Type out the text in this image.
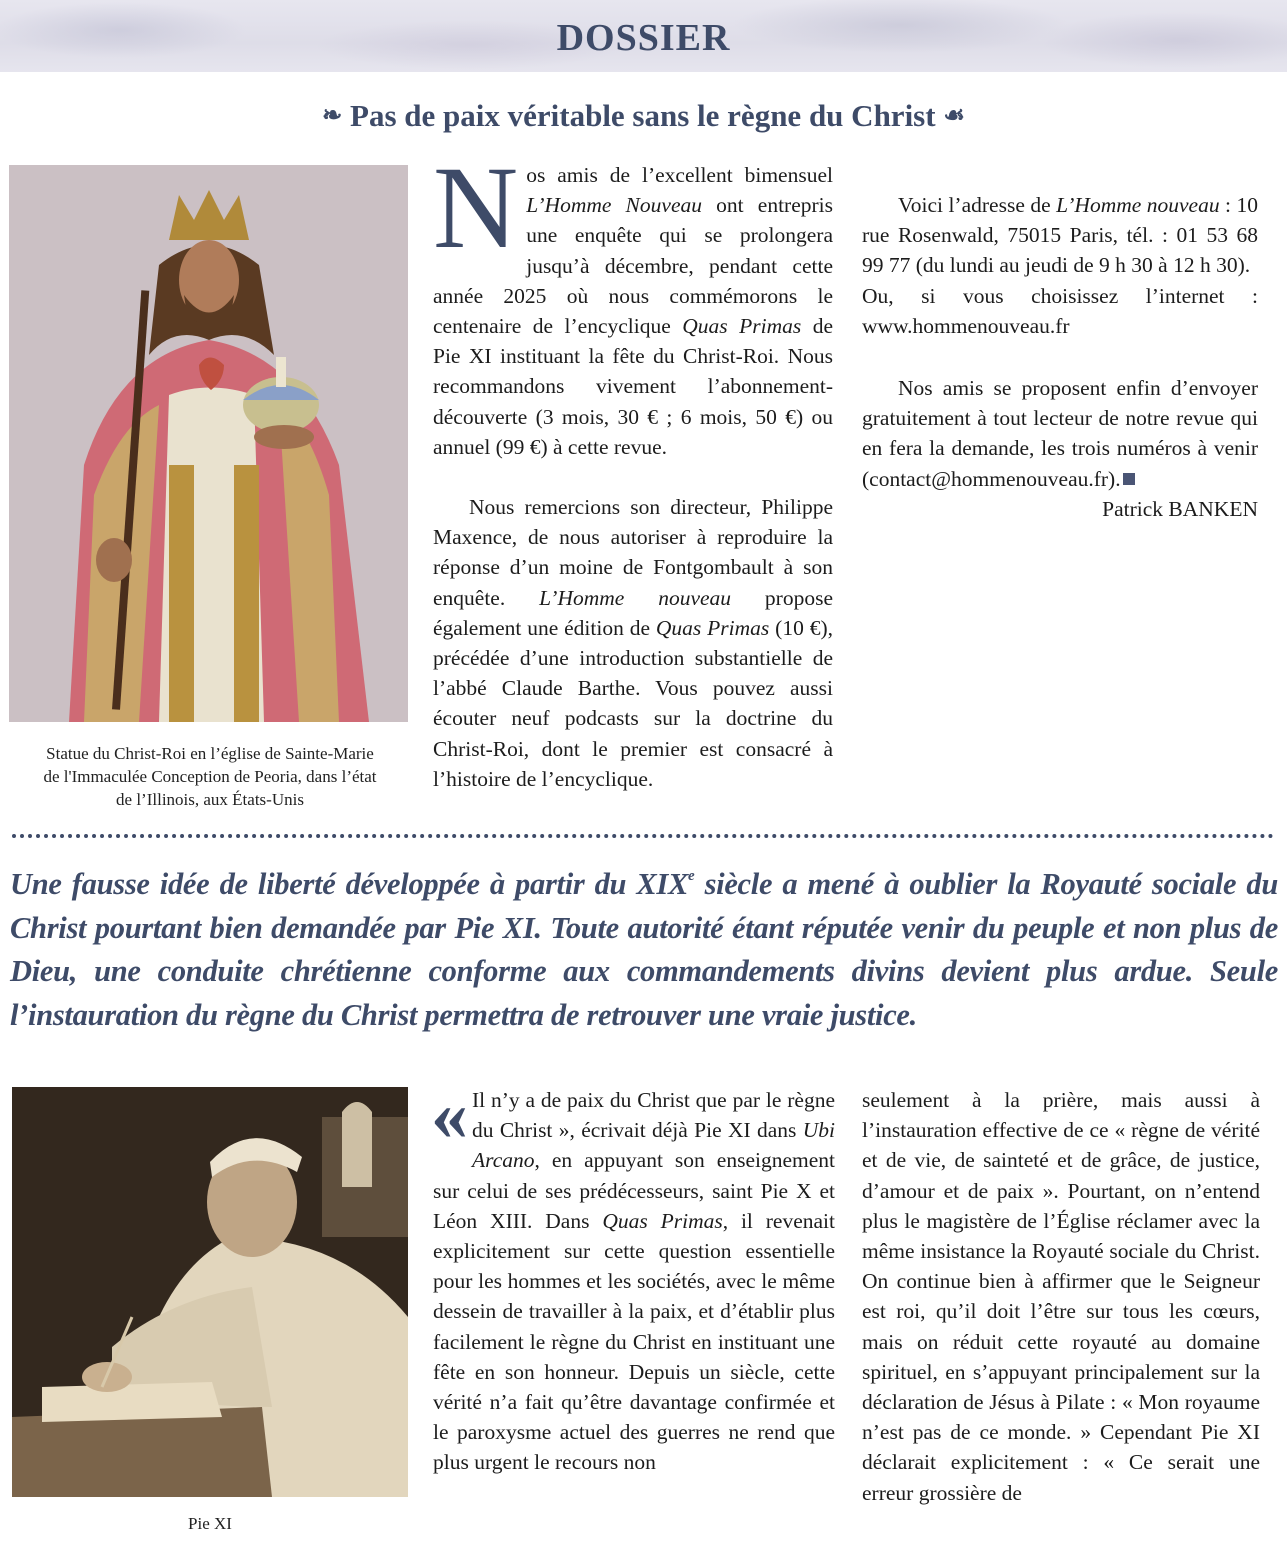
DOSSIER
❧ Pas de paix véritable sans le règne du Christ ☙
Statue du Christ-Roi en l’église de Sainte-Marie de l'Immaculée Conception de Peoria, dans l’état de l’Illinois, aux États-Unis
N os amis de l’excellent bimensuel L’Homme Nouveau ont entrepris une enquête qui se prolongera jusqu’à décembre, pendant cette année 2025 où nous commémorons le centenaire de l’encyclique Quas Primas de Pie XI instituant la fête du Christ-Roi. Nous recommandons vivement l’abonnement-découverte (3 mois, 30 € ; 6 mois, 50 €) ou annuel (99 €) à cette revue.

Nous remercions son directeur, Philippe Maxence, de nous autoriser à reproduire la réponse d’un moine de Fontgombault à son enquête. L’Homme nouveau propose également une édition de Quas Primas (10 €), précédée d’une introduction substantielle de l’abbé Claude Barthe. Vous pouvez aussi écouter neuf podcasts sur la doctrine du Christ-Roi, dont le premier est consacré à l’histoire de l’encyclique.

Voici l’adresse de L’Homme nouveau : 10 rue Rosenwald, 75015 Paris, tél. : 01 53 68 99 77 (du lundi au jeudi de 9 h 30 à 12 h 30).

Ou, si vous choisissez l’internet : www.hommenouveau.fr

Nos amis se proposent enfin d’envoyer gratuitement à tout lecteur de notre revue qui en fera la demande, les trois numéros à venir (contact@hommenouveau.fr).

Patrick BANKEN

Une fausse idée de liberté développée à partir du XIXe siècle a mené à oublier la Royauté sociale du Christ pourtant bien demandée par Pie XI. Toute autorité étant réputée venir du peuple et non plus de Dieu, une conduite chrétienne conforme aux commandements divins devient plus ardue. Seule l’instauration du règne du Christ permettra de retrouver une vraie justice.
Pie XI
« Il n’y a de paix du Christ que par le règne du Christ », écrivait déjà Pie XI dans Ubi Arcano, en appuyant son enseignement sur celui de ses prédécesseurs, saint Pie X et Léon XIII. Dans Quas Primas, il revenait explicitement sur cette question essentielle pour les hommes et les sociétés, avec le même dessein de travailler à la paix, et d’établir plus facilement le règne du Christ en instituant une fête en son honneur. Depuis un siècle, cette vérité n’a fait qu’être davantage confirmée et le paroxysme actuel des guerres ne rend que plus urgent le recours non

seulement à la prière, mais aussi à l’instauration effective de ce « règne de vérité et de vie, de sainteté et de grâce, de justice, d’amour et de paix ». Pourtant, on n’entend plus le magistère de l’Église réclamer avec la même insistance la Royauté sociale du Christ. On continue bien à affirmer que le Seigneur est roi, qu’il doit l’être sur tous les cœurs, mais on réduit cette royauté au domaine spirituel, en s’appuyant principalement sur la déclaration de Jésus à Pilate : « Mon royaume n’est pas de ce monde. » Cependant Pie XI déclarait explicitement : « Ce serait une erreur grossière de
